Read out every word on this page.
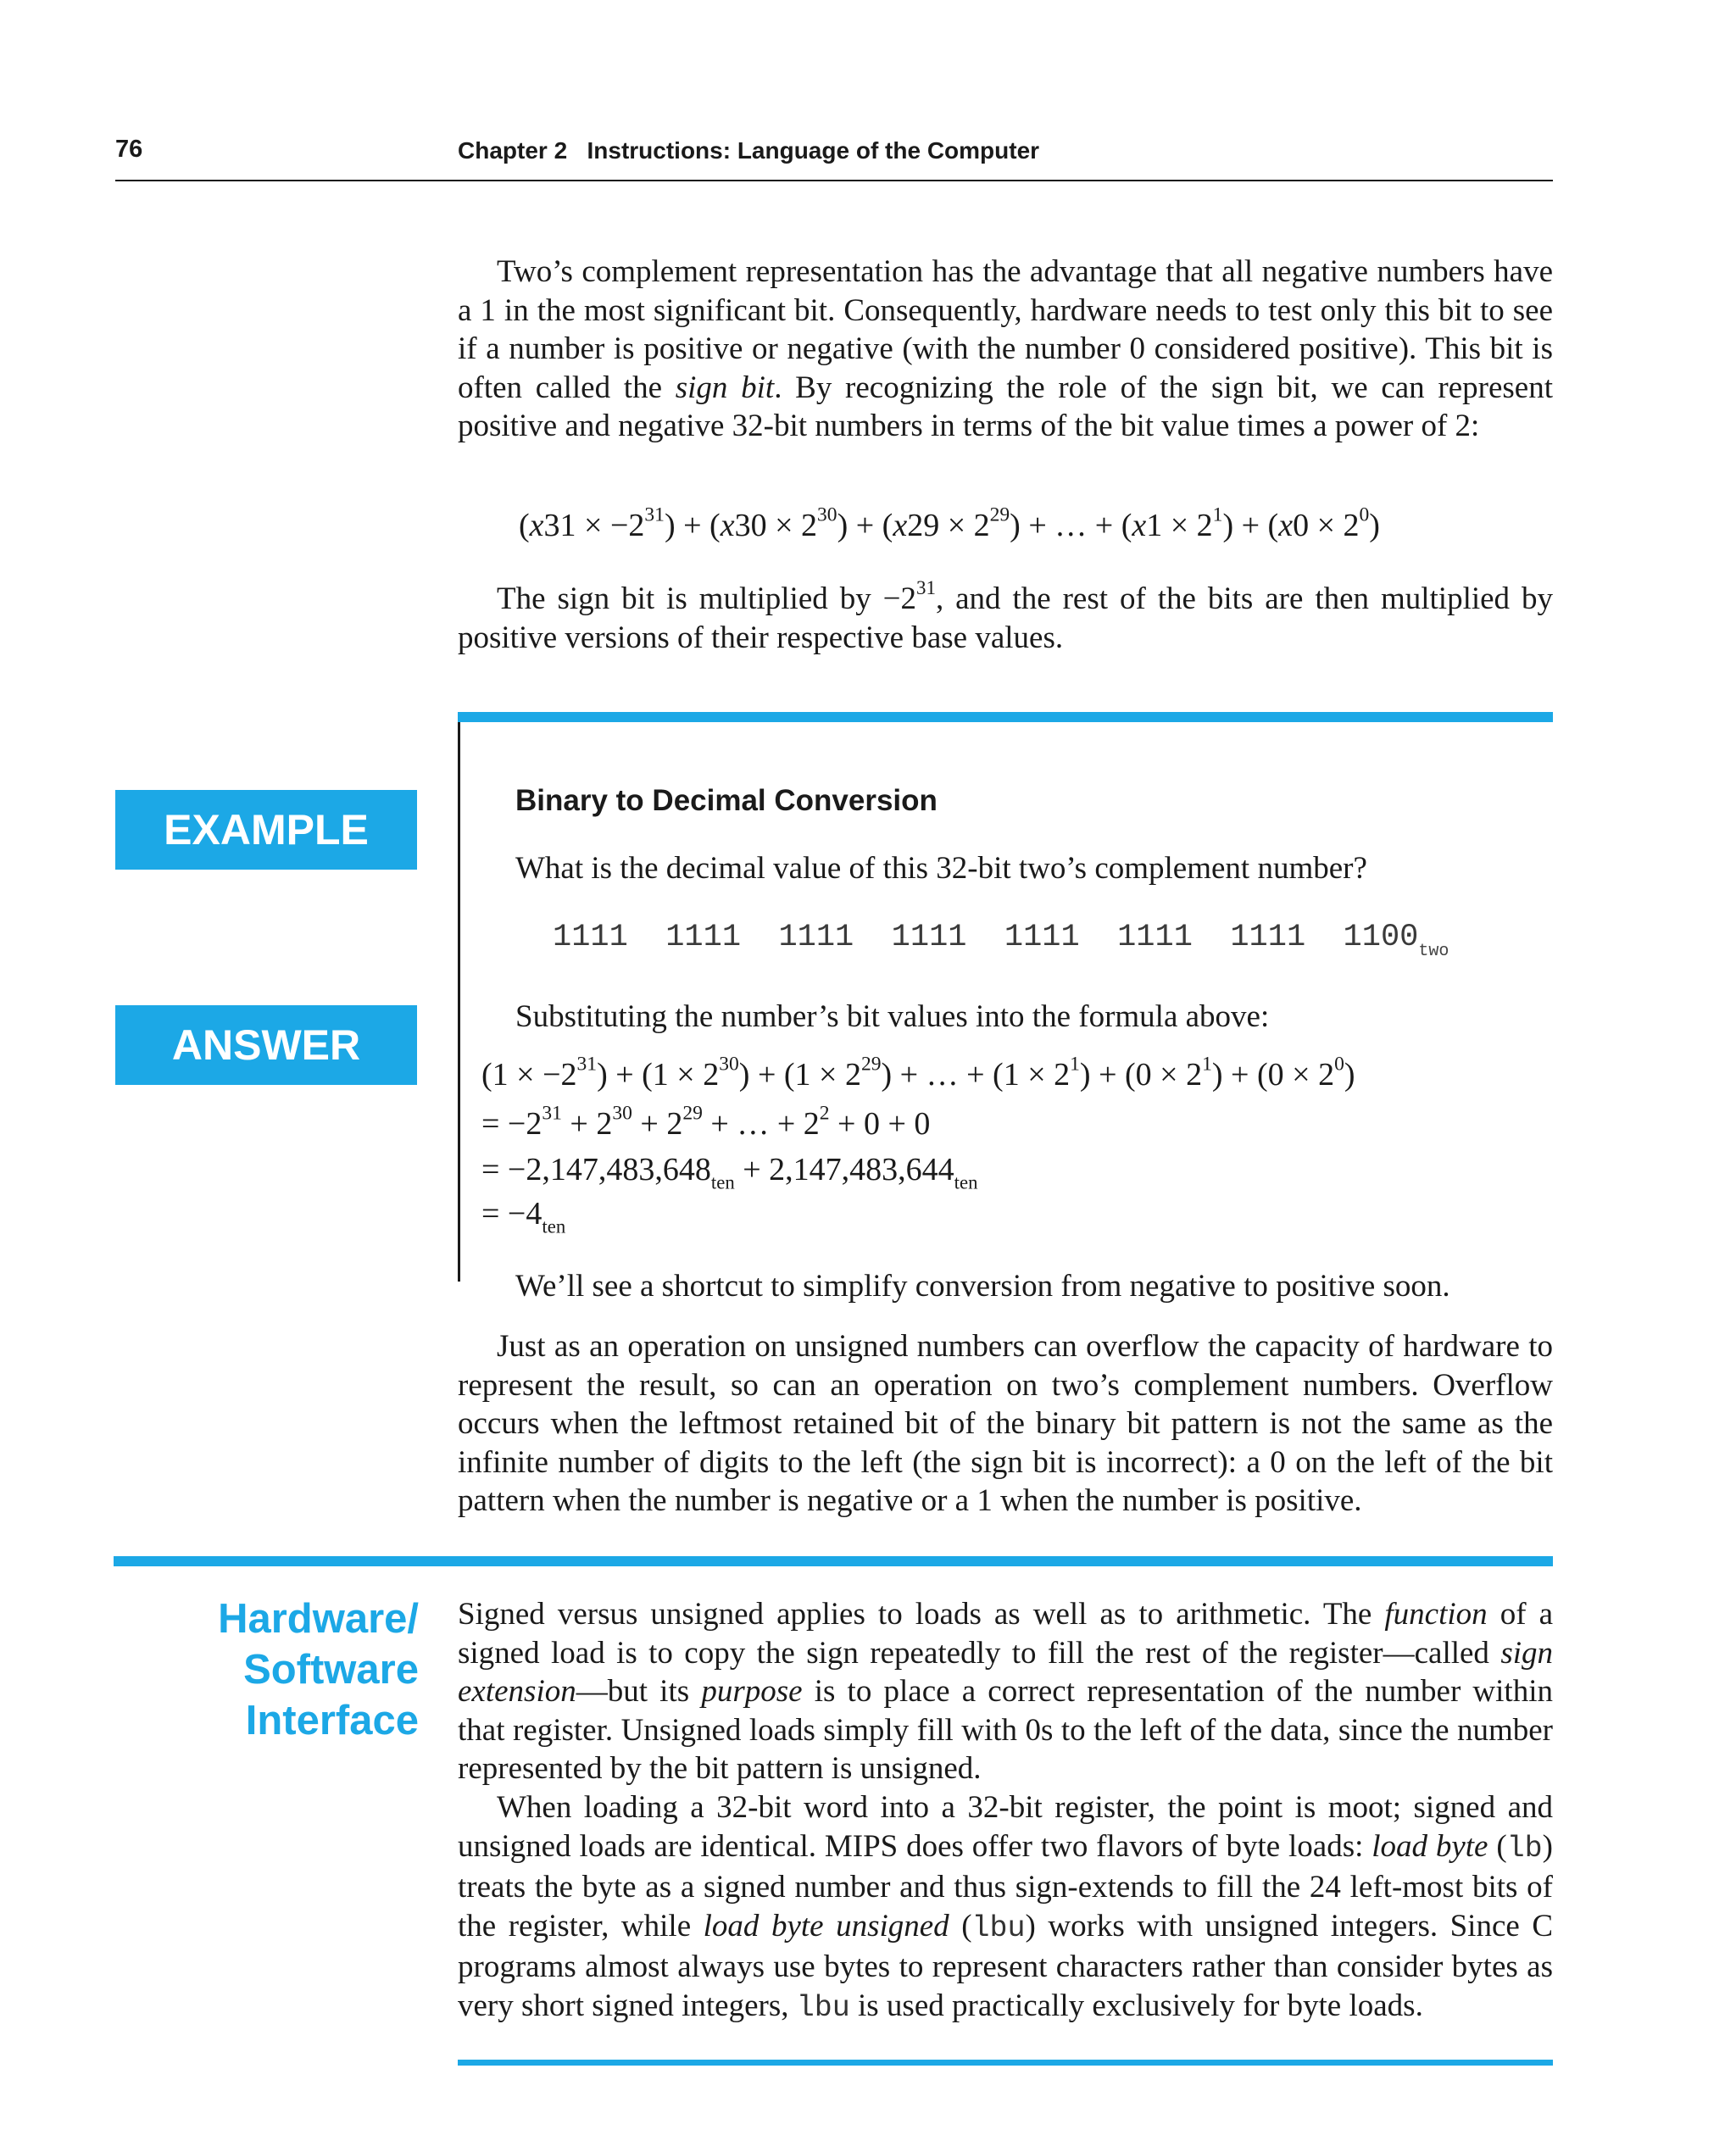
76	Chapter 2   Instructions: Language of the Computer

Two’s complement representation has the advantage that all negative numbers have a 1 in the most significant bit. Consequently, hardware needs to test only this bit to see if a number is positive or negative (with the number 0 considered positive). This bit is often called the sign bit. By recognizing the role of the sign bit, we can represent positive and negative 32-bit numbers in terms of the bit value times a power of 2:

$(x31 \times -2^{31}) + (x30 \times 2^{30}) + (x29 \times 2^{29})$ + … + $(x1 \times 2^1) + (x0 \times 2^0)$

The sign bit is multiplied by $-2^{31}$, and the rest of the bits are then multiplied by positive versions of their respective base values.

EXAMPLE
ANSWER
Binary to Decimal Conversion
What is the decimal value of this 32-bit two’s complement number?
1111  1111  1111  1111  1111  1111  1111  $1100_{two}$
Substituting the number’s bit values into the formula above:
$(1 \times -2^{31}) + (1 \times 2^{30}) + (1 \times 2^{29})$ + … + $(1 \times 2^1) + (0 \times 2^1) + (0 \times 2^0)$
= $-2^{31} + 2^{30} + 2^{29}$ + … + $2^2 + 0 + 0$
= $-2,147,483,648_{ten} + 2,147,483,644_{ten}$
= $-4_{ten}$
We’ll see a shortcut to simplify conversion from negative to positive soon.

Just as an operation on unsigned numbers can overflow the capacity of hardware to represent the result, so can an operation on two’s complement numbers. Overflow occurs when the leftmost retained bit of the binary bit pattern is not the same as the infinite number of digits to the left (the sign bit is incorrect): a 0 on the left of the bit pattern when the number is negative or a 1 when the number is positive.

Hardware/
Software
Interface

Signed versus unsigned applies to loads as well as to arithmetic. The function of a signed load is to copy the sign repeatedly to fill the rest of the register—called sign extension—but its purpose is to place a correct representation of the number within that register. Unsigned loads simply fill with 0s to the left of the data, since the number represented by the bit pattern is unsigned.

When loading a 32-bit word into a 32-bit register, the point is moot; signed and unsigned loads are identical. MIPS does offer two flavors of byte loads: load byte (lb) treats the byte as a signed number and thus sign-extends to fill the 24 left-most bits of the register, while load byte unsigned (lbu) works with unsigned integers. Since C programs almost always use bytes to represent characters rather than consider bytes as very short signed integers, lbu is used practically exclusively for byte loads.
